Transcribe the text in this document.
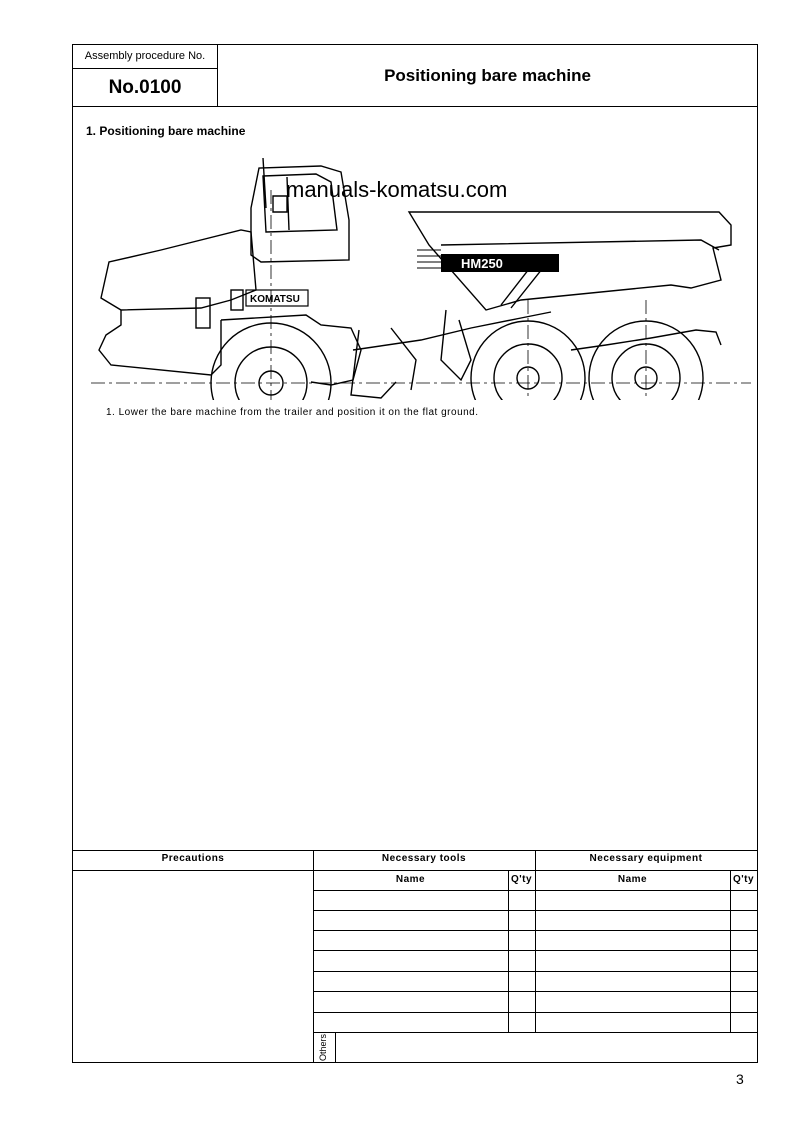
Assembly procedure No.
No.0100
Positioning bare machine
1. Positioning bare machine
HM250
KOMATSU
manuals-komatsu.com
1. Lower the bare machine from the trailer and position it on the flat ground.
Precautions	Necessary tools	Necessary equipment
Name	Q'ty	Name	Q'ty
Others
3
